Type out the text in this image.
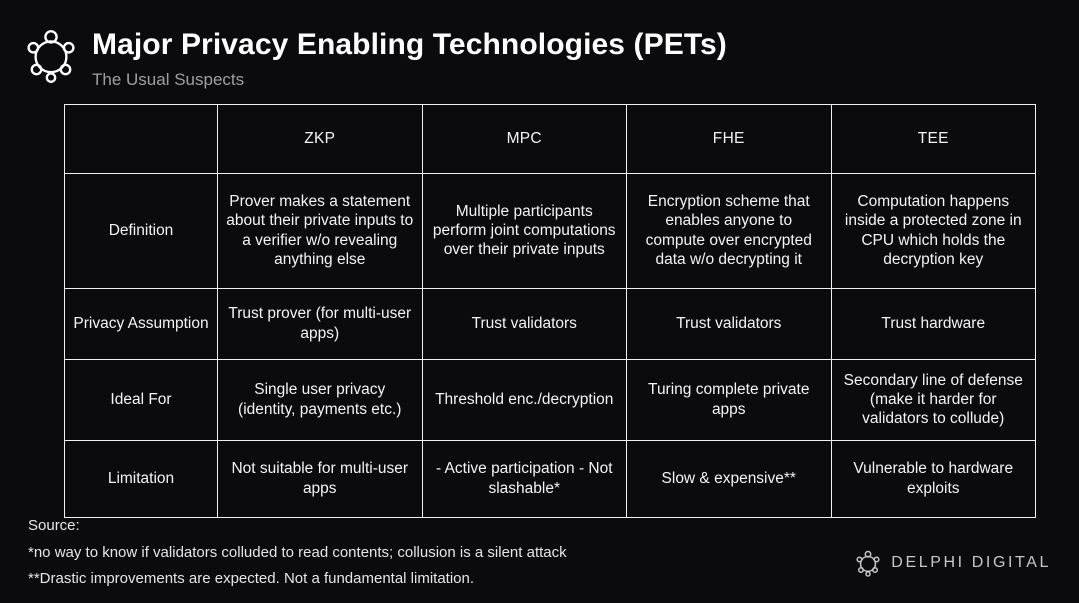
Major Privacy Enabling Technologies (PETs)
The Usual Suspects
	ZKP	MPC	FHE	TEE
Definition	Prover makes a statement about their private inputs to a verifier w/o revealing anything else	Multiple participants perform joint computations over their private inputs	Encryption scheme that enables anyone to compute over encrypted data w/o decrypting it	Computation happens inside a protected zone in CPU which holds the decryption key
Privacy Assumption	Trust prover (for multi-user apps)	Trust validators	Trust validators	Trust hardware
Ideal For	Single user privacy (identity, payments etc.)	Threshold enc./decryption	Turing complete private apps	Secondary line of defense (make it harder for validators to collude)
Limitation	Not suitable for multi-user apps	- Active participation - Not slashable*	Slow & expensive**	Vulnerable to hardware exploits
Source:
*no way to know if validators colluded to read contents; collusion is a silent attack
**Drastic improvements are expected. Not a fundamental limitation.
DELPHI DIGITAL
